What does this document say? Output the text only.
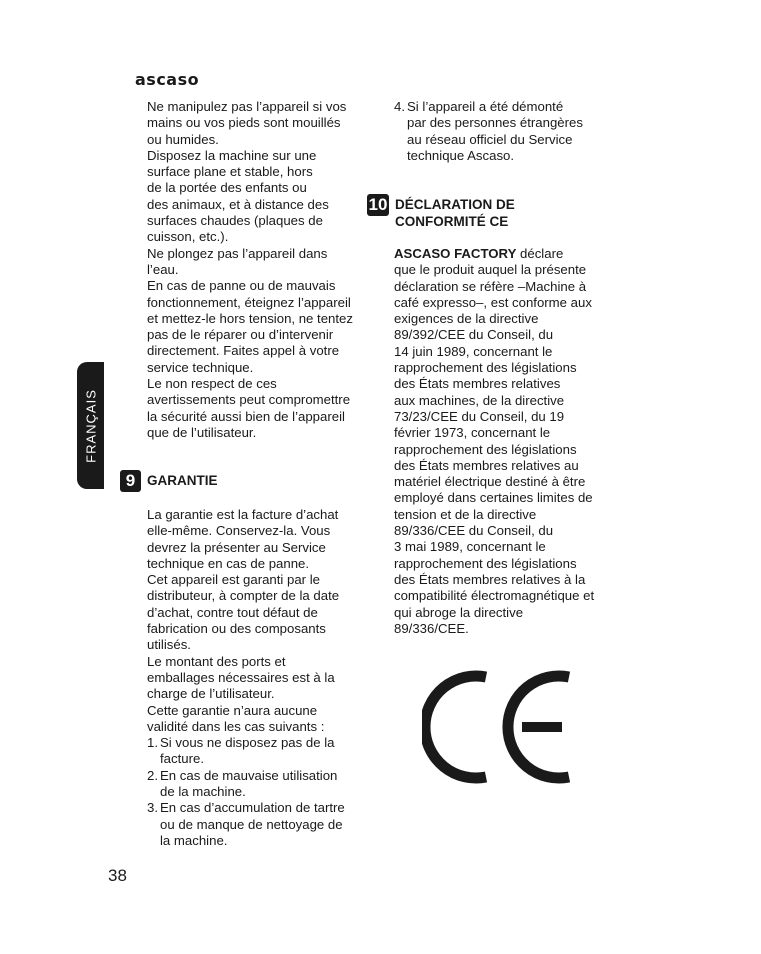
ascaso
FRANÇAIS

Ne manipulez pas l’appareil si vos

mains ou vos pieds sont mouillés

ou humides.

Disposez la machine sur une

surface plane et stable, hors

de la portée des enfants ou

des animaux, et à distance des

surfaces chaudes (plaques de

cuisson, etc.).

Ne plongez pas l’appareil dans

l’eau.

En cas de panne ou de mauvais

fonctionnement, éteignez l’appareil

et mettez-le hors tension, ne tentez

pas de le réparer ou d’intervenir

directement. Faites appel à votre

service technique.

Le non respect de ces

avertissements peut compromettre

la sécurité aussi bien de l’appareil

que de l’utilisateur.

9 GARANTIE

La garantie est la facture d’achat

elle-même. Conservez-la. Vous

devrez la présenter au Service

technique en cas de panne.

Cet appareil est garanti par le

distributeur, à compter de la date

d’achat, contre tout défaut de

fabrication ou des composants

utilisés.

Le montant des ports et

emballages nécessaires est à la

charge de l’utilisateur.

Cette garantie n’aura aucune

validité dans les cas suivants :

1. Si vous ne disposez pas de la

facture.

2. En cas de mauvaise utilisation

de la machine.

3. En cas d’accumulation de tartre

ou de manque de nettoyage de

la machine.

4. Si l’appareil a été démonté

par des personnes étrangères

au réseau officiel du Service

technique Ascaso.

10 DÉCLARATION DE
CONFORMITÉ CE

ASCASO FACTORY déclare

que le produit auquel la présente

déclaration se réfère –Machine à

café expresso–, est conforme aux

exigences de la directive

89/392/CEE du Conseil, du

14 juin 1989, concernant le

rapprochement des législations

des États membres relatives

aux machines, de la directive

73/23/CEE du Conseil, du 19

février 1973, concernant le

rapprochement des législations

des États membres relatives au

matériel électrique destiné à être

employé dans certaines limites de

tension et de la directive

89/336/CEE du Conseil, du

3 mai 1989, concernant le

rapprochement des législations

des États membres relatives à la

compatibilité électromagnétique et

qui abroge la directive

89/336/CEE.

38
